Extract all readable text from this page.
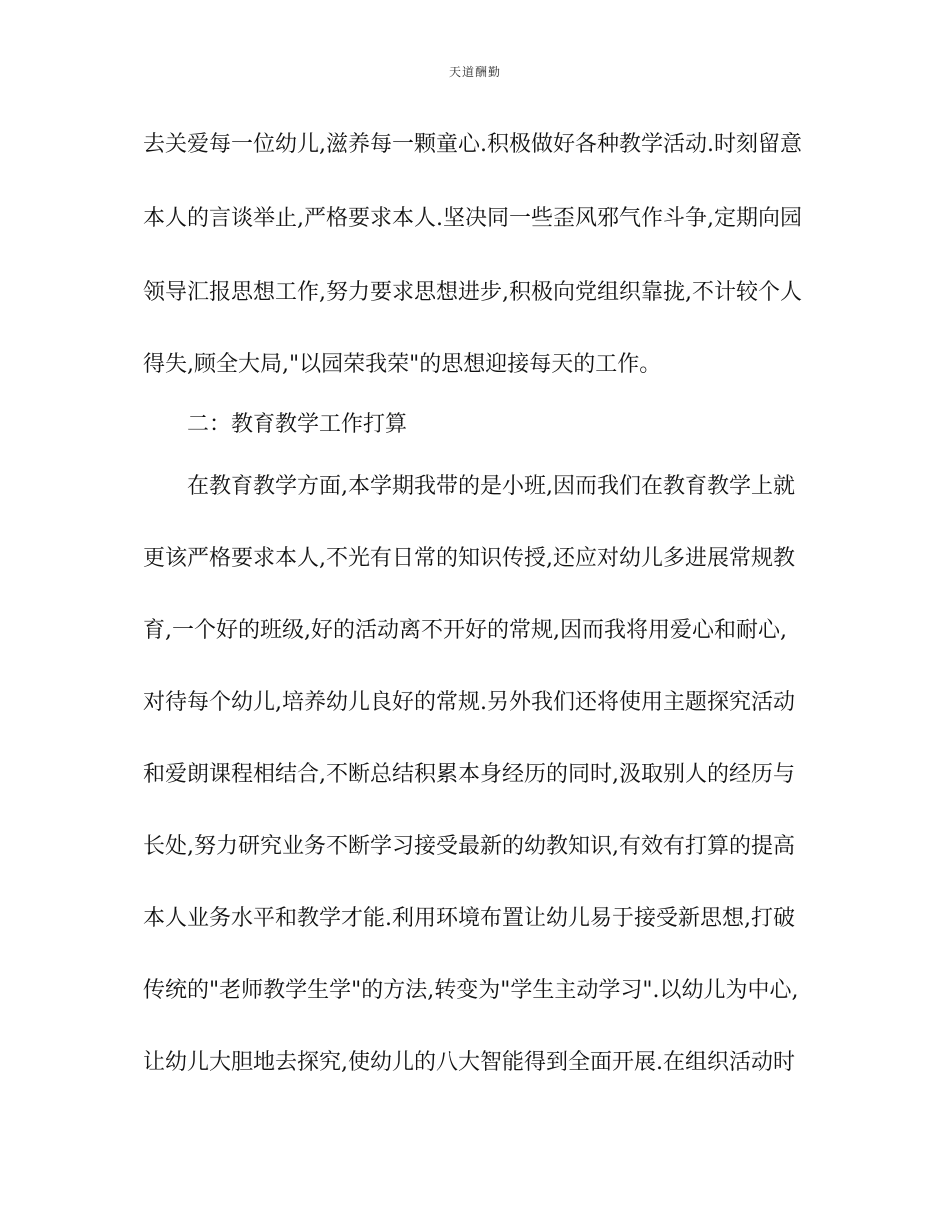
天道酬勤
去关爱每一位幼儿,滋养每一颗童心.积极做好各种教学活动.时刻留意
本人的言谈举止,严格要求本人.坚决同一些歪风邪气作斗争,定期向园
领导汇报思想工作,努力要求思想进步,积极向党组织靠拢,不计较个人
得失,顾全大局,"以园荣我荣"的思想迎接每天的工作。
二：教育教学工作打算
在教育教学方面,本学期我带的是小班,因而我们在教育教学上就
更该严格要求本人,不光有日常的知识传授,还应对幼儿多进展常规教
育,一个好的班级,好的活动离不开好的常规,因而我将用爱心和耐心,
对待每个幼儿,培养幼儿良好的常规.另外我们还将使用主题探究活动
和爱朗课程相结合,不断总结积累本身经历的同时,汲取别人的经历与
长处,努力研究业务不断学习接受最新的幼教知识,有效有打算的提高
本人业务水平和教学才能.利用环境布置让幼儿易于接受新思想,打破
传统的"老师教学生学"的方法,转变为"学生主动学习".以幼儿为中心,
让幼儿大胆地去探究,使幼儿的八大智能得到全面开展.在组织活动时
